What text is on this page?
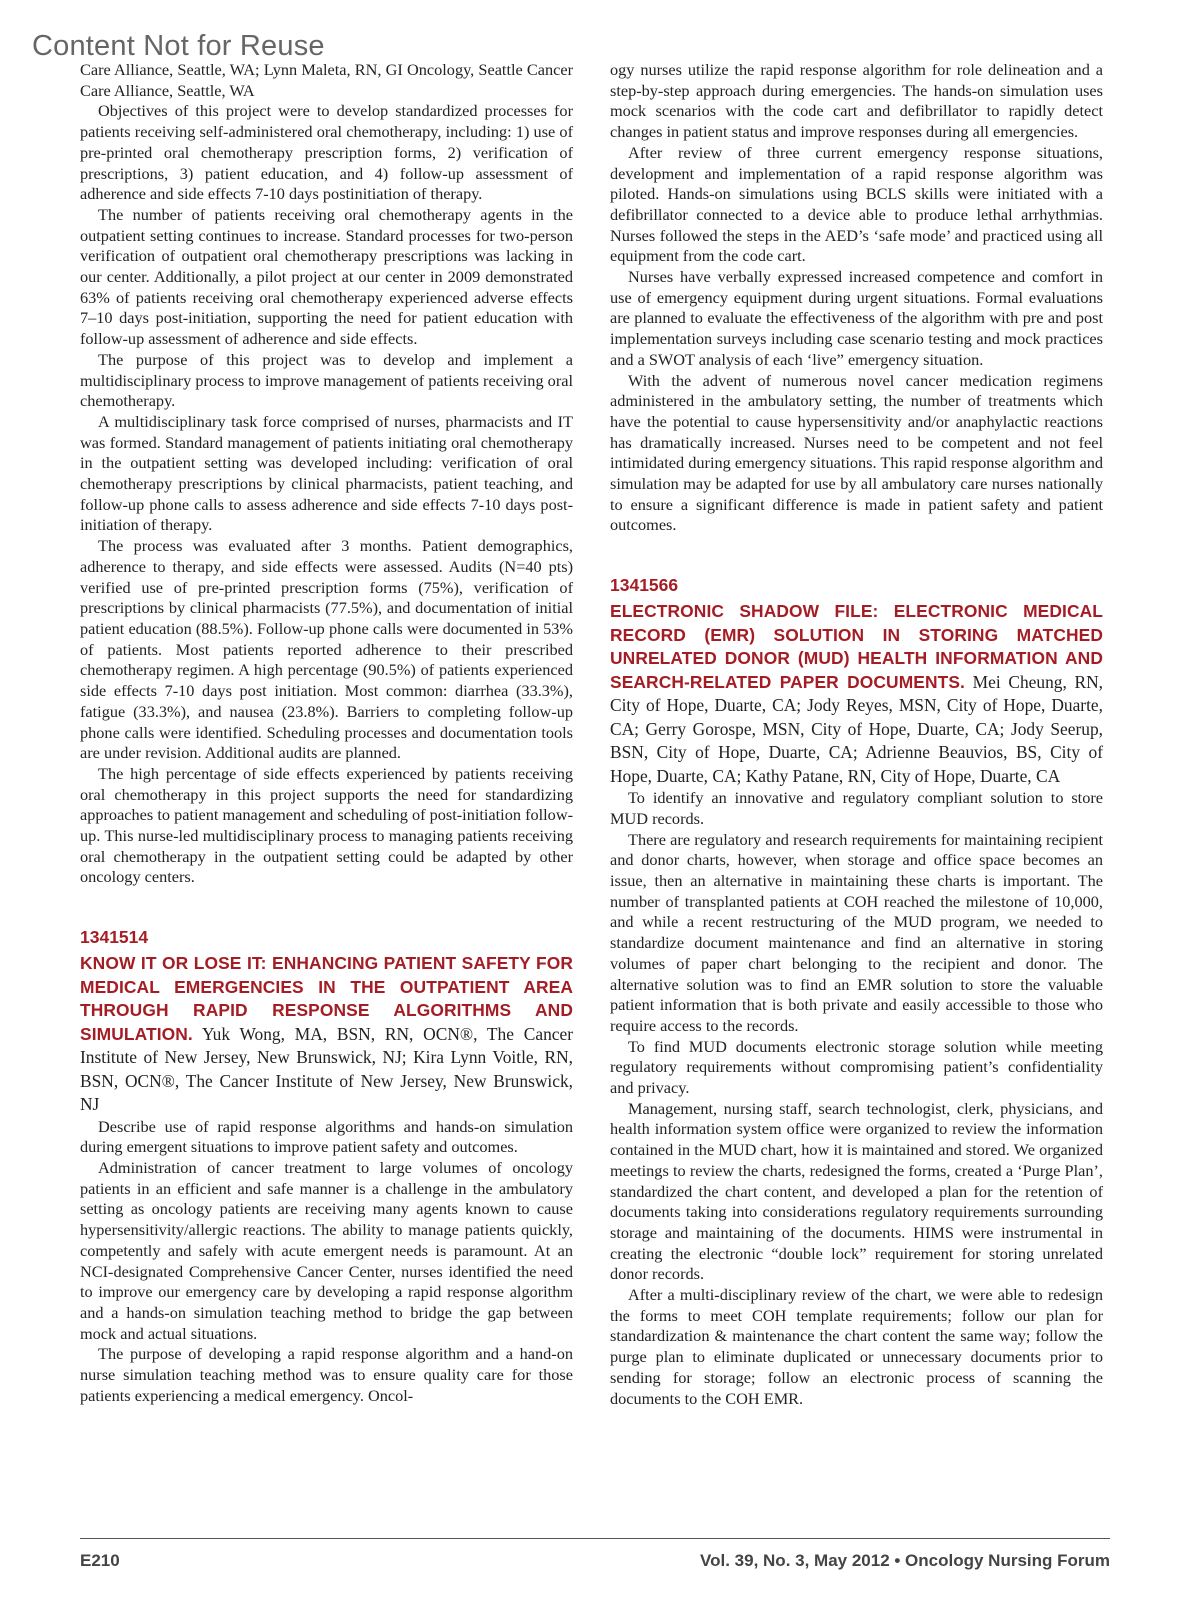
Content Not for Reuse

Care Alliance, Seattle, WA; Lynn Maleta, RN, GI Oncology, Seattle Cancer Care Alliance, Seattle, WA

Objectives of this project were to develop standardized processes for patients receiving self-administered oral chemotherapy, including: 1) use of pre-printed oral chemotherapy prescription forms, 2) verification of prescriptions, 3) patient education, and 4) follow-up assessment of adherence and side effects 7-10 days postinitiation of therapy.

The number of patients receiving oral chemotherapy agents in the outpatient setting continues to increase. Standard processes for two-person verification of outpatient oral chemotherapy prescriptions was lacking in our center. Additionally, a pilot project at our center in 2009 demonstrated 63% of patients receiving oral chemotherapy experienced adverse effects 7–10 days post-initiation, supporting the need for patient education with follow-up assessment of adherence and side effects.

The purpose of this project was to develop and implement a multidisciplinary process to improve management of patients receiving oral chemotherapy.

A multidisciplinary task force comprised of nurses, pharmacists and IT was formed. Standard management of patients initiating oral chemotherapy in the outpatient setting was developed including: verification of oral chemotherapy prescriptions by clinical pharmacists, patient teaching, and follow-up phone calls to assess adherence and side effects 7-10 days post-initiation of therapy.

The process was evaluated after 3 months. Patient demographics, adherence to therapy, and side effects were assessed. Audits (N=40 pts) verified use of pre-printed prescription forms (75%), verification of prescriptions by clinical pharmacists (77.5%), and documentation of initial patient education (88.5%). Follow-up phone calls were documented in 53% of patients. Most patients reported adherence to their prescribed chemotherapy regimen. A high percentage (90.5%) of patients experienced side effects 7-10 days post initiation. Most common: diarrhea (33.3%), fatigue (33.3%), and nausea (23.8%). Barriers to completing follow-up phone calls were identified. Scheduling processes and documentation tools are under revision. Additional audits are planned.

The high percentage of side effects experienced by patients receiving oral chemotherapy in this project supports the need for standardizing approaches to patient management and scheduling of post-initiation follow-up. This nurse-led multidisciplinary process to managing patients receiving oral chemotherapy in the outpatient setting could be adapted by other oncology centers.

1341514

KNOW IT OR LOSE IT: ENHANCING PATIENT SAFETY FOR MEDICAL EMERGENCIES IN THE OUTPATIENT AREA THROUGH RAPID RESPONSE ALGORITHMS AND SIMULATION. Yuk Wong, MA, BSN, RN, OCN®, The Cancer Institute of New Jersey, New Brunswick, NJ; Kira Lynn Voitle, RN, BSN, OCN®, The Cancer Institute of New Jersey, New Brunswick, NJ

Describe use of rapid response algorithms and hands-on simulation during emergent situations to improve patient safety and outcomes.

Administration of cancer treatment to large volumes of oncology patients in an efficient and safe manner is a challenge in the ambulatory setting as oncology patients are receiving many agents known to cause hypersensitivity/allergic reactions. The ability to manage patients quickly, competently and safely with acute emergent needs is paramount. At an NCI-designated Comprehensive Cancer Center, nurses identified the need to improve our emergency care by developing a rapid response algorithm and a hands-on simulation teaching method to bridge the gap between mock and actual situations.

The purpose of developing a rapid response algorithm and a hand-on nurse simulation teaching method was to ensure quality care for those patients experiencing a medical emergency. Oncol-

ogy nurses utilize the rapid response algorithm for role delineation and a step-by-step approach during emergencies. The hands-on simulation uses mock scenarios with the code cart and defibrillator to rapidly detect changes in patient status and improve responses during all emergencies.

After review of three current emergency response situations, development and implementation of a rapid response algorithm was piloted. Hands-on simulations using BCLS skills were initiated with a defibrillator connected to a device able to produce lethal arrhythmias. Nurses followed the steps in the AED’s ‘safe mode’ and practiced using all equipment from the code cart.

Nurses have verbally expressed increased competence and comfort in use of emergency equipment during urgent situations. Formal evaluations are planned to evaluate the effectiveness of the algorithm with pre and post implementation surveys including case scenario testing and mock practices and a SWOT analysis of each ‘live” emergency situation.

With the advent of numerous novel cancer medication regimens administered in the ambulatory setting, the number of treatments which have the potential to cause hypersensitivity and/or anaphylactic reactions has dramatically increased. Nurses need to be competent and not feel intimidated during emergency situations. This rapid response algorithm and simulation may be adapted for use by all ambulatory care nurses nationally to ensure a significant difference is made in patient safety and patient outcomes.

1341566

ELECTRONIC SHADOW FILE: ELECTRONIC MEDICAL RECORD (EMR) SOLUTION IN STORING MATCHED UNRELATED DONOR (MUD) HEALTH INFORMATION AND SEARCH-RELATED PAPER DOCUMENTS. Mei Cheung, RN, City of Hope, Duarte, CA; Jody Reyes, MSN, City of Hope, Duarte, CA; Gerry Gorospe, MSN, City of Hope, Duarte, CA; Jody Seerup, BSN, City of Hope, Duarte, CA; Adrienne Beauvios, BS, City of Hope, Duarte, CA; Kathy Patane, RN, City of Hope, Duarte, CA

To identify an innovative and regulatory compliant solution to store MUD records.

There are regulatory and research requirements for maintaining recipient and donor charts, however, when storage and office space becomes an issue, then an alternative in maintaining these charts is important. The number of transplanted patients at COH reached the milestone of 10,000, and while a recent restructuring of the MUD program, we needed to standardize document maintenance and find an alternative in storing volumes of paper chart belonging to the recipient and donor. The alternative solution was to find an EMR solution to store the valuable patient information that is both private and easily accessible to those who require access to the records.

To find MUD documents electronic storage solution while meeting regulatory requirements without compromising patient’s confidentiality and privacy.

Management, nursing staff, search technologist, clerk, physicians, and health information system office were organized to review the information contained in the MUD chart, how it is maintained and stored. We organized meetings to review the charts, redesigned the forms, created a ‘Purge Plan’, standardized the chart content, and developed a plan for the retention of documents taking into considerations regulatory requirements surrounding storage and maintaining of the documents. HIMS were instrumental in creating the electronic “double lock” requirement for storing unrelated donor records.

After a multi-disciplinary review of the chart, we were able to redesign the forms to meet COH template requirements; follow our plan for standardization & maintenance the chart content the same way; follow the purge plan to eliminate duplicated or unnecessary documents prior to sending for storage; follow an electronic process of scanning the documents to the COH EMR.

E210	Vol. 39, No. 3, May 2012 • Oncology Nursing Forum
